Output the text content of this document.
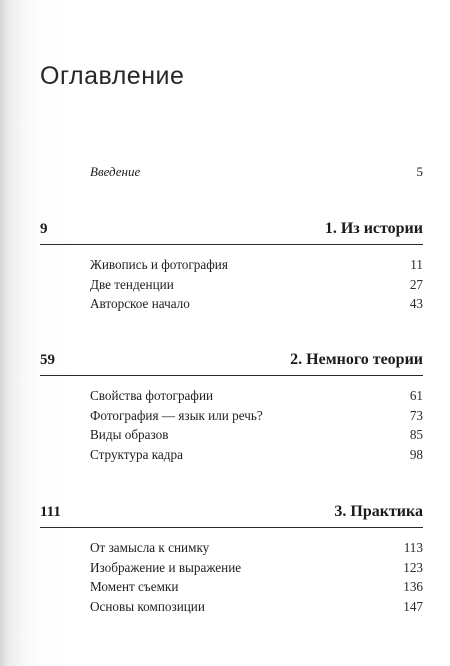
Оглавление
Введение	5
9	1. Из истории
Живопись и фотография	11
Две тенденции	27
Авторское начало	43
59	2. Немного теории
Свойства фотографии	61
Фотография — язык или речь?	73
Виды образов	85
Структура кадра	98
111	3. Практика
От замысла к снимку	113
Изображение и выражение	123
Момент съемки	136
Основы композиции	147
